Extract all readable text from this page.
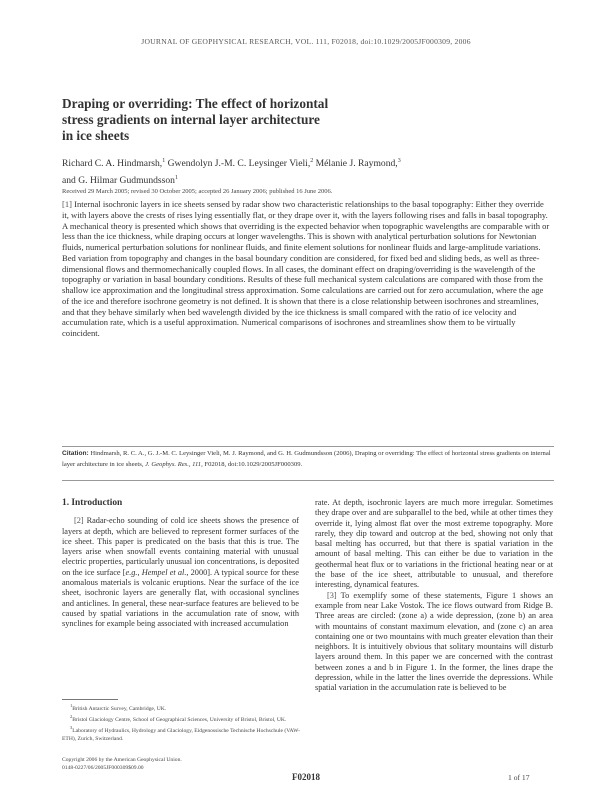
JOURNAL OF GEOPHYSICAL RESEARCH, VOL. 111, F02018, doi:10.1029/2005JF000309, 2006
Draping or overriding: The effect of horizontal
stress gradients on internal layer architecture
in ice sheets
Richard C. A. Hindmarsh,$^1$ Gwendolyn J.-M. C. Leysinger Vieli,$^2$ Mélanie J. Raymond,$^3$
and G. Hilmar Gudmundsson$^1$
Received 29 March 2005; revised 30 October 2005; accepted 26 January 2006; published 16 June 2006.
[1] Internal isochronic layers in ice sheets sensed by radar show two characteristic relationships to the basal topography: Either they override it, with layers above the crests of rises lying essentially flat, or they drape over it, with the layers following rises and falls in basal topography. A mechanical theory is presented which shows that overriding is the expected behavior when topographic wavelengths are comparable with or less than the ice thickness, while draping occurs at longer wavelengths. This is shown with analytical perturbation solutions for Newtonian fluids, numerical perturbation solutions for nonlinear fluids, and finite element solutions for nonlinear fluids and large-amplitude variations. Bed variation from topography and changes in the basal boundary condition are considered, for fixed bed and sliding beds, as well as three-dimensional flows and thermomechanically coupled flows. In all cases, the dominant effect on draping/overriding is the wavelength of the topography or variation in basal boundary conditions. Results of these full mechanical system calculations are compared with those from the shallow ice approximation and the longitudinal stress approximation. Some calculations are carried out for zero accumulation, where the age of the ice and therefore isochrone geometry is not defined. It is shown that there is a close relationship between isochrones and streamlines, and that they behave similarly when bed wavelength divided by the ice thickness is small compared with the ratio of ice velocity and accumulation rate, which is a useful approximation. Numerical comparisons of isochrones and streamlines show them to be virtually coincident.
Citation: Hindmarsh, R. C. A., G. J.-M. C. Leysinger Vieli, M. J. Raymond, and G. H. Gudmundsson (2006), Draping or overriding: The effect of horizontal stress gradients on internal layer architecture in ice sheets, J. Geophys. Res., 111, F02018, doi:10.1029/2005JF000309.
1. Introduction

[2] Radar-echo sounding of cold ice sheets shows the presence of layers at depth, which are believed to represent former surfaces of the ice sheet. This paper is predicated on the basis that this is true. The layers arise when snowfall events containing material with unusual electric properties, particularly unusual ion concentrations, is deposited on the ice surface [e.g., Hempel et al., 2000]. A typical source for these anomalous materials is volcanic eruptions. Near the surface of the ice sheet, isochronic layers are generally flat, with occasional synclines and anticlines. In general, these near-surface features are believed to be caused by spatial variations in the accumulation rate of snow, with synclines for example being associated with increased accumulation

rate. At depth, isochronic layers are much more irregular. Sometimes they drape over and are subparallel to the bed, while at other times they override it, lying almost flat over the most extreme topography. More rarely, they dip toward and outcrop at the bed, showing not only that basal melting has occurred, but that there is spatial variation in the amount of basal melting. This can either be due to variation in the geothermal heat flux or to variations in the frictional heating near or at the base of the ice sheet, attributable to unusual, and therefore interesting, dynamical features.

[3] To exemplify some of these statements, Figure 1 shows an example from near Lake Vostok. The ice flows outward from Ridge B. Three areas are circled: (zone a) a wide depression, (zone b) an area with mountains of constant maximum elevation, and (zone c) an area containing one or two mountains with much greater elevation than their neighbors. It is intuitively obvious that solitary mountains will disturb layers around them. In this paper we are concerned with the contrast between zones a and b in Figure 1. In the former, the lines drape the depression, while in the latter the lines override the depressions. While spatial variation in the accumulation rate is believed to be

$^1$British Antarctic Survey, Cambridge, UK.
$^2$Bristol Glaciology Centre, School of Geographical Sciences, University of Bristol, Bristol, UK.
$^3$Laboratory of Hydraulics, Hydrology and Glaciology, Eidgenossische Technische Hochschule (VAW-ETH), Zurich, Switzerland.
Copyright 2006 by the American Geophysical Union.
0148-0227/06/2005JF000309$09.00
F02018	1 of 17
